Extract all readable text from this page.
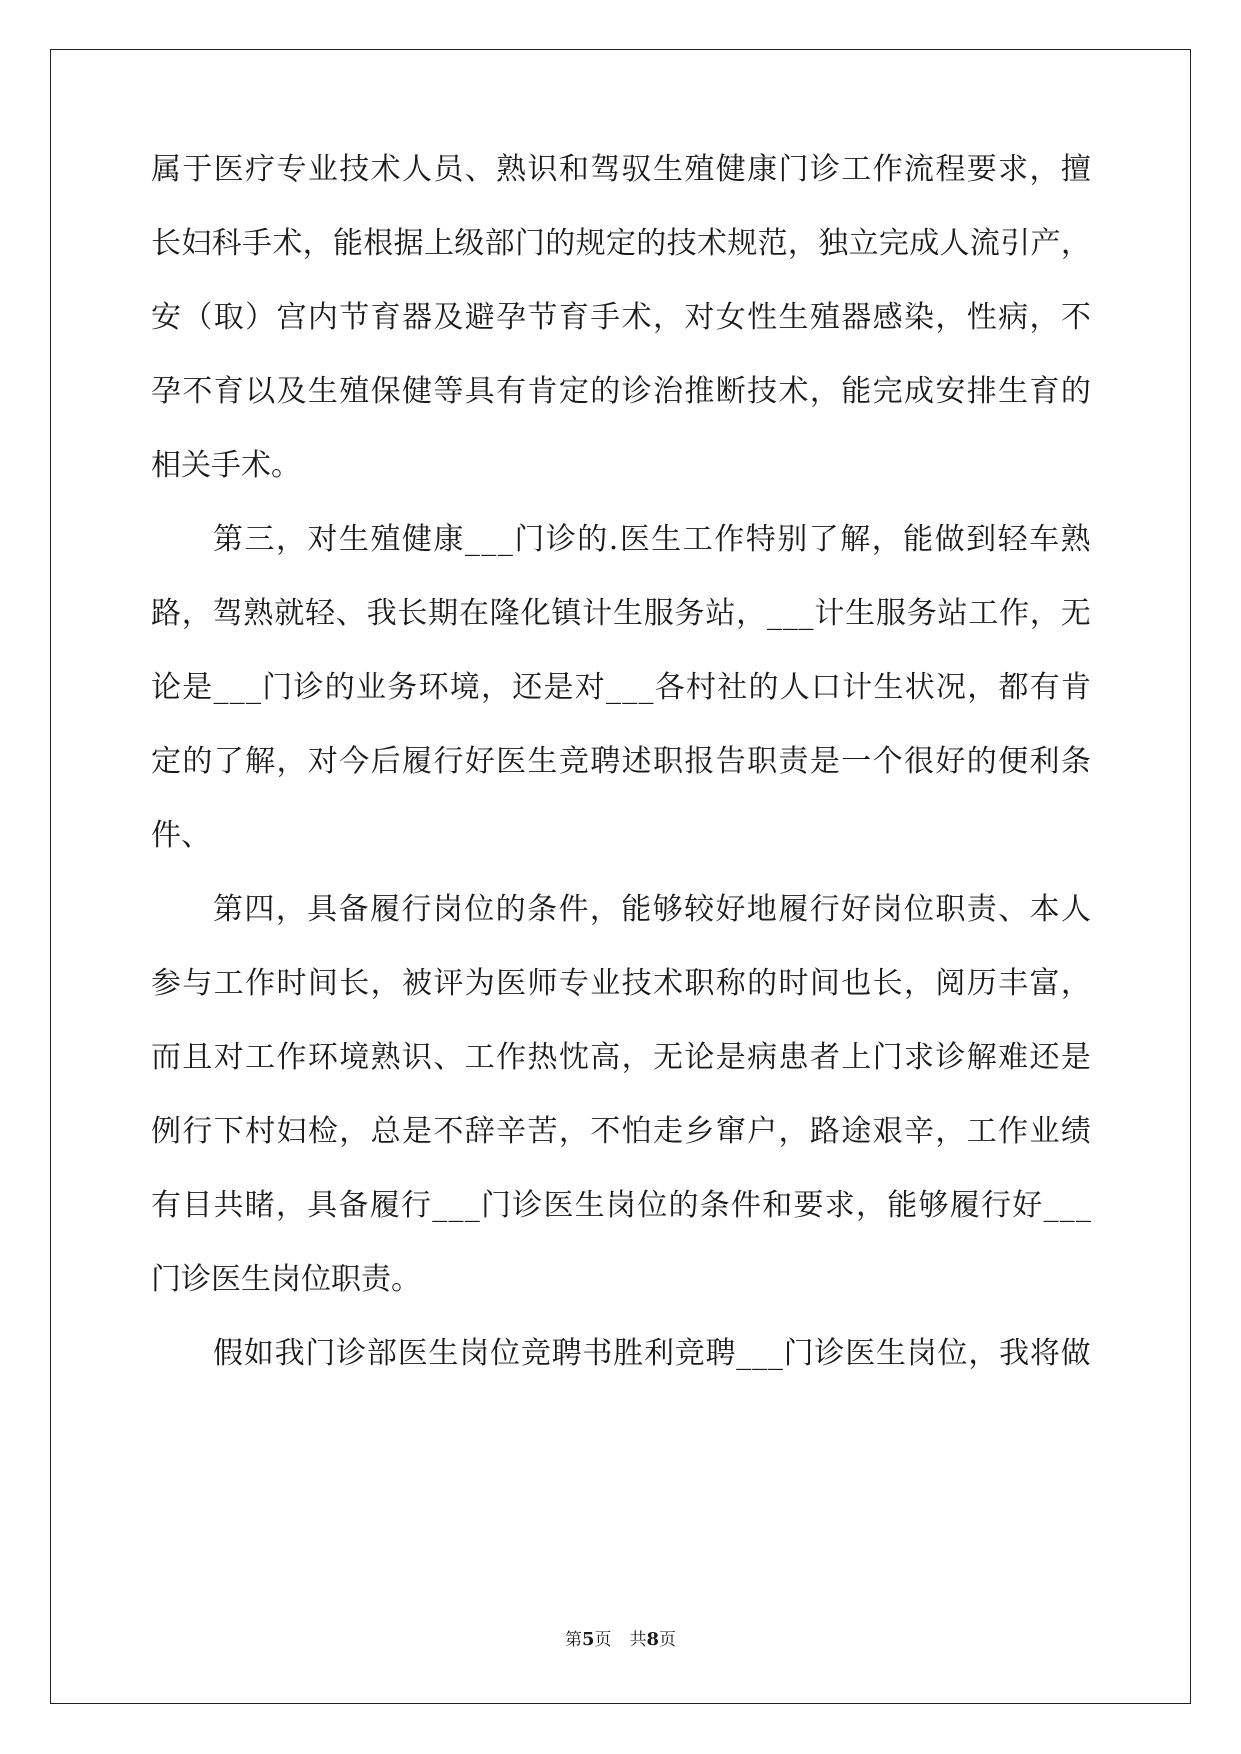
属 于 医 疗 专 业 技 术 人 员 、 熟 识 和 驾 驭 生 殖 健 康 门 诊 工 作 流 程 要 求 ， 擅

长 妇 科 手 术 ， 能 根 据 上 级 部 门 的 规 定 的 技 术 规 范 ， 独 立 完 成 人 流 引 产 ，

安 （ 取 ） 宫 内 节 育 器 及 避 孕 节 育 手 术 ， 对 女 性 生 殖 器 感 染 ， 性 病 ， 不

孕 不 育 以 及 生 殖 保 健 等 具 有 肯 定 的 诊 治 推 断 技 术 ， 能 完 成 安 排 生 育 的

相关手术。

第 三 ， 对 生 殖 健 康 _ _ _ 门 诊 的 . 医 生 工 作 特 别 了 解 ， 能 做 到 轻 车 熟

路 ， 驾 熟 就 轻 、 我 长 期 在 隆 化 镇 计 生 服 务 站 ， _ _ _ 计 生 服 务 站 工 作 ， 无

论 是 _ _ _ 门 诊 的 业 务 环 境 ， 还 是 对 _ _ _ 各 村 社 的 人 口 计 生 状 况 ， 都 有 肯

定 的 了 解 ， 对 今 后 履 行 好 医 生 竞 聘 述 职 报 告 职 责 是 一 个 很 好 的 便 利 条

件、

第 四 ， 具 备 履 行 岗 位 的 条 件 ， 能 够 较 好 地 履 行 好 岗 位 职 责 、 本 人

参 与 工 作 时 间 长 ， 被 评 为 医 师 专 业 技 术 职 称 的 时 间 也 长 ， 阅 历 丰 富 ，

而 且 对 工 作 环 境 熟 识 、 工 作 热 忱 高 ， 无 论 是 病 患 者 上 门 求 诊 解 难 还 是

例 行 下 村 妇 检 ， 总 是 不 辞 辛 苦 ， 不 怕 走 乡 窜 户 ， 路 途 艰 辛 ， 工 作 业 绩

有 目 共 睹 ， 具 备 履 行 _ _ _ 门 诊 医 生 岗 位 的 条 件 和 要 求 ， 能 够 履 行 好 _ _ _

门诊医生岗位职责。

假 如 我 门 诊 部 医 生 岗 位 竞 聘 书 胜 利 竞 聘 _ _ _ 门 诊 医 生 岗 位 ， 我 将 做

第5页 共8页
